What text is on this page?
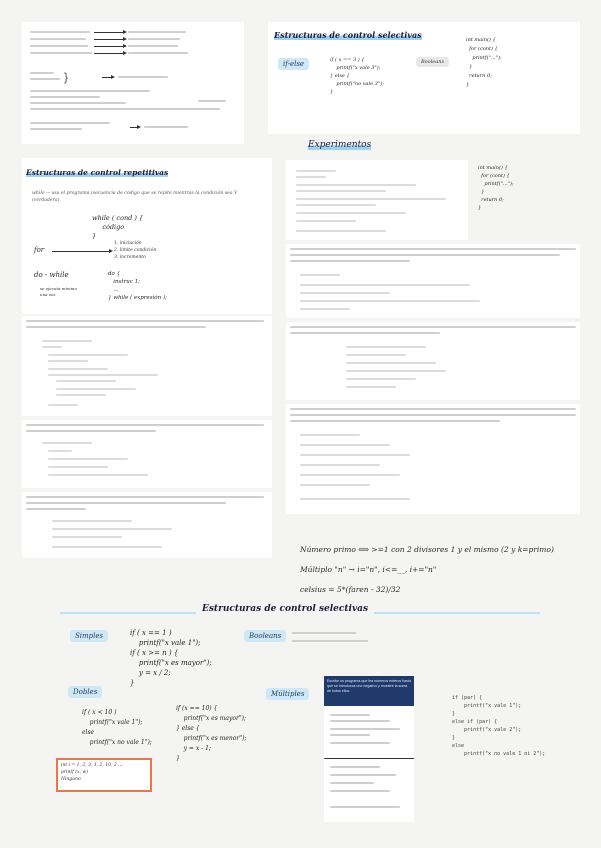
}
Estructuras de control selectivas
if-else	if ( x == 3 ) {
printf("x vale 3");
} else {
printf("no vale 3");
}
Booleans
int main() {
for (cont) {
printf("...");
}
return 0;
}
Experimentos
Estructuras de control repetitivas
while → usa el programa (secuencia de código que se repite mientras la condición sea V (verdadera)
while ( cond ) {
código
}
for
1. iniciación
2. límite condición
3. incremento
do - while
se ejecuta mínimo una vez
do {
instruc 1;
...
} while ( expresión );
int main() {
for (cont) {
printf("...");
}
return 0;
}
Número primo ⟺ >=1 con 2 divisores 1 y el mismo (2 y k=primo)
Múltiplo "n" → i="n", i<=__, i+="n"
celsius = 5*(faren - 32)/32
Estructuras de control selectivas
Simples	if ( x == 1 )
printf("x vale 1");
if ( x >= n ) {
printf("x es mayor");
y = x / 2;
}
Booleans
Dobles
if ( x < 10 )
printf("x vale 1");
else
printf("x no vale 1");
if (x == 10) {
printf("x es mayor");
} else {
printf("x es menor");
y = x - 1;
}
Múltiples
Escribe un programa que lea números enteros hasta que se introduzca uno negativo y muestre la suma de todos ellos.
if (par) {
printf("x vale 1");
}
else if (par) {
printf("x vale 2");
}
else
printf("x no vale 1 ni 2");
int i = 1, 2, 3, 1, 2, 10, 2 ...
printf (x, w)
Ninguno
